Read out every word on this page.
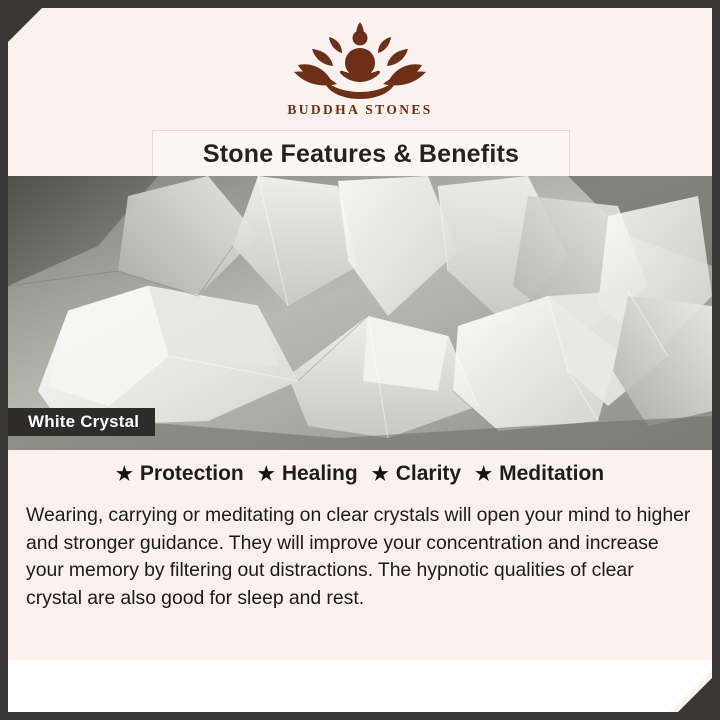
BUDDHA STONES
Stone Features & Benefits
White Crystal
★ Protection ★ Healing ★ Clarity ★ Meditation
Wearing, carrying or meditating on clear crystals will open your mind to higher and stronger guidance. They will improve your concentration and increase your memory by filtering out distractions. The hypnotic qualities of clear crystal are also good for sleep and rest.
